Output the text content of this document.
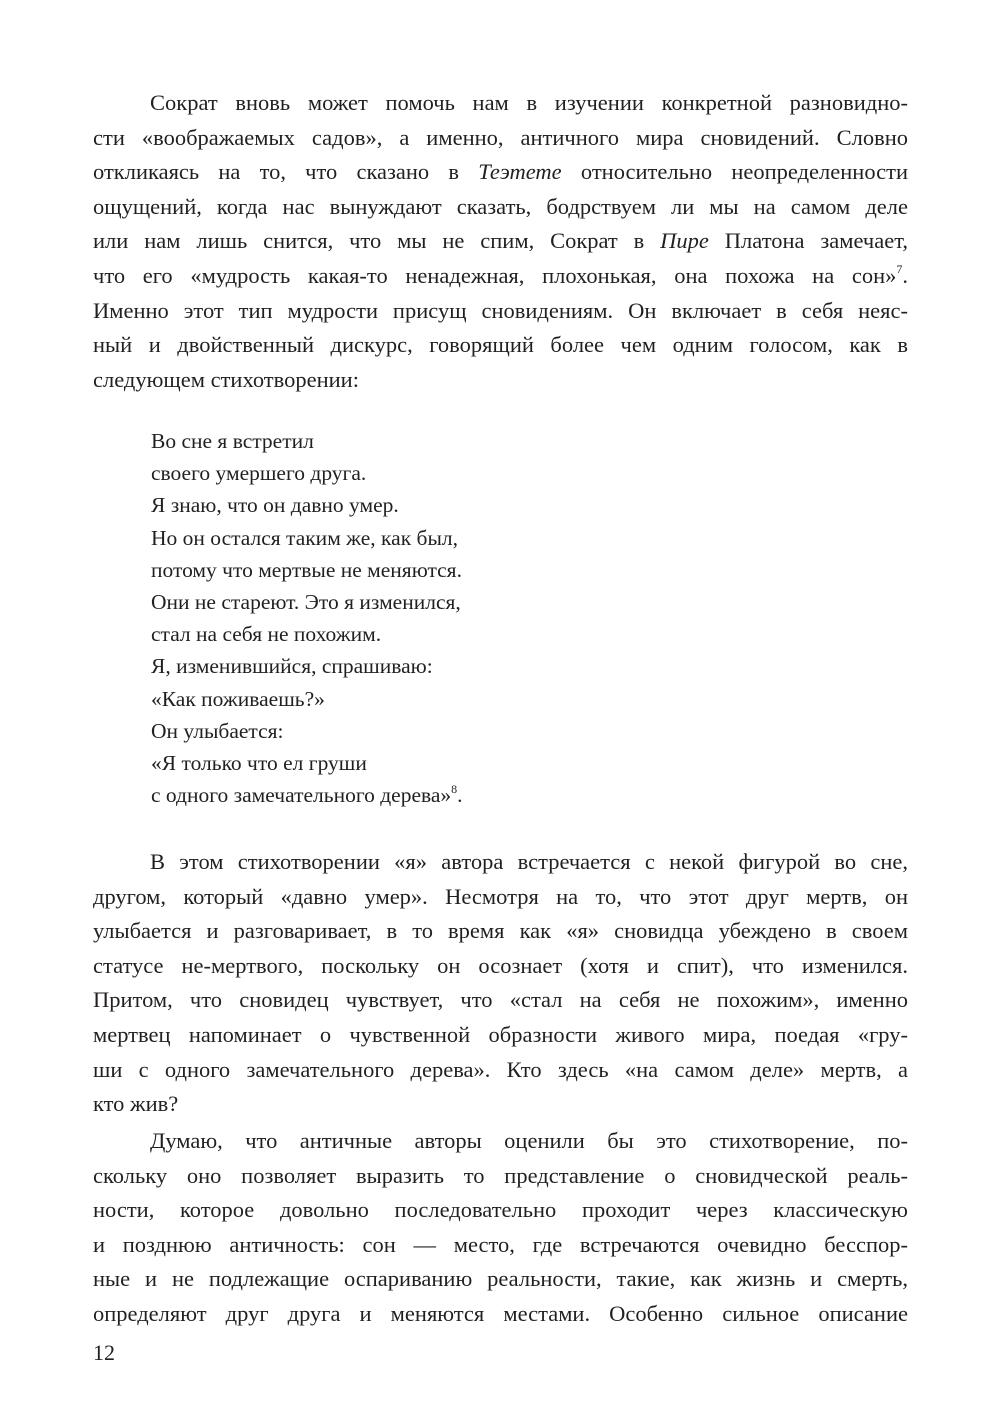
Сократ вновь может помочь нам в изучении конкретной разновидно-
сти «воображаемых садов», а именно, античного мира сновидений. Словно
откликаясь на то, что сказано в Теэтете относительно неопределенности
ощущений, когда нас вынуждают сказать, бодрствуем ли мы на самом деле
или нам лишь снится, что мы не спим, Сократ в Пире Платона замечает,
что его «мудрость какая-то ненадежная, плохонькая, она похожа на сон»$^7$.
Именно этот тип мудрости присущ сновидениям. Он включает в себя неяс-
ный и двойственный дискурс, говорящий более чем одним голосом, как в
следующем стихотворении:
Во сне я встретил
своего умершего друга.
Я знаю, что он давно умер.
Но он остался таким же, как был,
потому что мертвые не меняются.
Они не стареют. Это я изменился,
стал на себя не похожим.
Я, изменившийся, спрашиваю:
«Как поживаешь?»
Он улыбается:
«Я только что ел груши
с одного замечательного дерева»$^8$.
В этом стихотворении «я» автора встречается с некой фигурой во сне,
другом, который «давно умер». Несмотря на то, что этот друг мертв, он
улыбается и разговаривает, в то время как «я» сновидца убеждено в своем
статусе не-мертвого, поскольку он осознает (хотя и спит), что изменился.
Притом, что сновидец чувствует, что «стал на себя не похожим», именно
мертвец напоминает о чувственной образности живого мира, поедая «гру-
ши с одного замечательного дерева». Кто здесь «на самом деле» мертв, а
кто жив?
Думаю, что античные авторы оценили бы это стихотворение, по-
скольку оно позволяет выразить то представление о сновидческой реаль-
ности, которое довольно последовательно проходит через классическую
и позднюю античность: сон — место, где встречаются очевидно бесспор-
ные и не подлежащие оспариванию реальности, такие, как жизнь и смерть,
определяют друг друга и меняются местами. Особенно сильное описание
12
